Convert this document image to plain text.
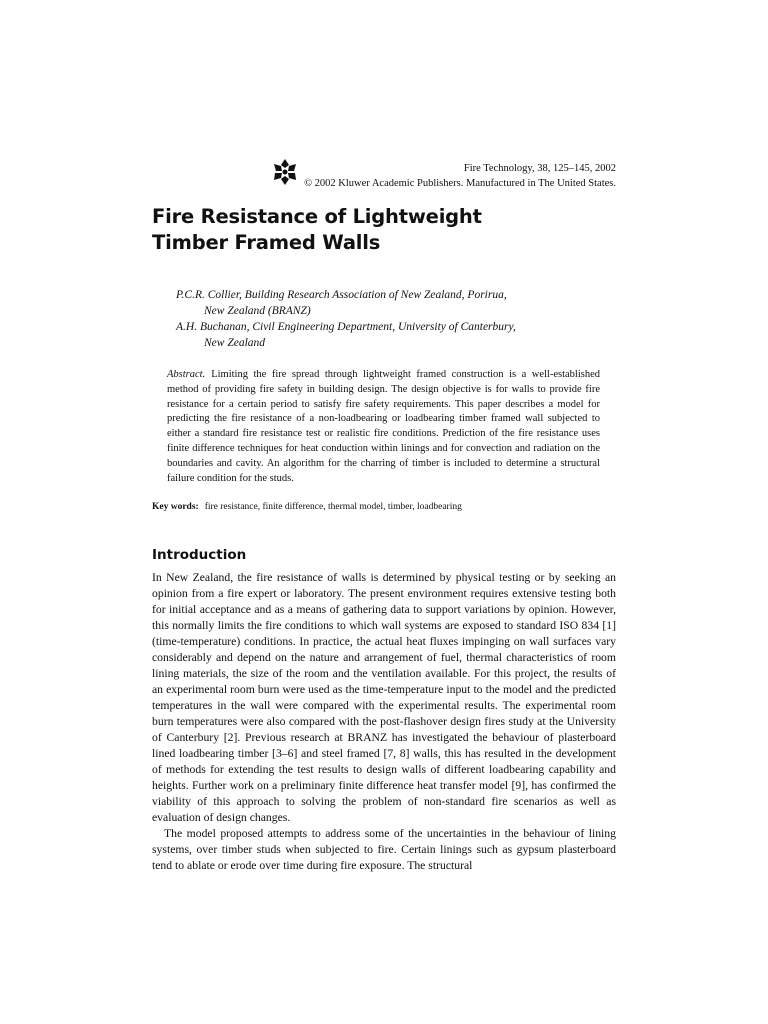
Fire Technology, 38, 125–145, 2002
© 2002 Kluwer Academic Publishers. Manufactured in The United States.
Fire Resistance of Lightweight
Timber Framed Walls
P.C.R. Collier, Building Research Association of New Zealand, Porirua,
New Zealand (BRANZ)
A.H. Buchanan, Civil Engineering Department, University of Canterbury,
New Zealand

Abstract. Limiting the fire spread through lightweight framed construction is a well-established method of providing fire safety in building design. The design objective is for walls to provide fire resistance for a certain period to satisfy fire safety requirements. This paper describes a model for predicting the fire resistance of a non-loadbearing or loadbearing timber framed wall subjected to either a standard fire resistance test or realistic fire conditions. Prediction of the fire resistance uses finite difference techniques for heat conduction within linings and for convection and radiation on the boundaries and cavity. An algorithm for the charring of timber is included to determine a structural failure condition for the studs.

Key words: fire resistance, finite difference, thermal model, timber, loadbearing
Introduction

In New Zealand, the fire resistance of walls is determined by physical testing or by seeking an opinion from a fire expert or laboratory. The present environment requires extensive testing both for initial acceptance and as a means of gathering data to support variations by opinion. However, this normally limits the fire conditions to which wall systems are exposed to standard ISO 834 [1] (time-temperature) conditions. In practice, the actual heat fluxes impinging on wall surfaces vary considerably and depend on the nature and arrangement of fuel, thermal characteristics of room lining materials, the size of the room and the ventilation available. For this project, the results of an experimental room burn were used as the time-temperature input to the model and the predicted temperatures in the wall were compared with the experimental results. The experimental room burn temperatures were also compared with the post-flashover design fires study at the University of Canterbury [2]. Previous research at BRANZ has investigated the behaviour of plasterboard lined loadbearing timber [3–6] and steel framed [7, 8] walls, this has resulted in the development of methods for extending the test results to design walls of different loadbearing capability and heights. Further work on a preliminary finite difference heat transfer model [9], has confirmed the viability of this approach to solving the problem of non-standard fire scenarios as well as evaluation of design changes.

The model proposed attempts to address some of the uncertainties in the behaviour of lining systems, over timber studs when subjected to fire. Certain linings such as gypsum plasterboard tend to ablate or erode over time during fire exposure. The structural
